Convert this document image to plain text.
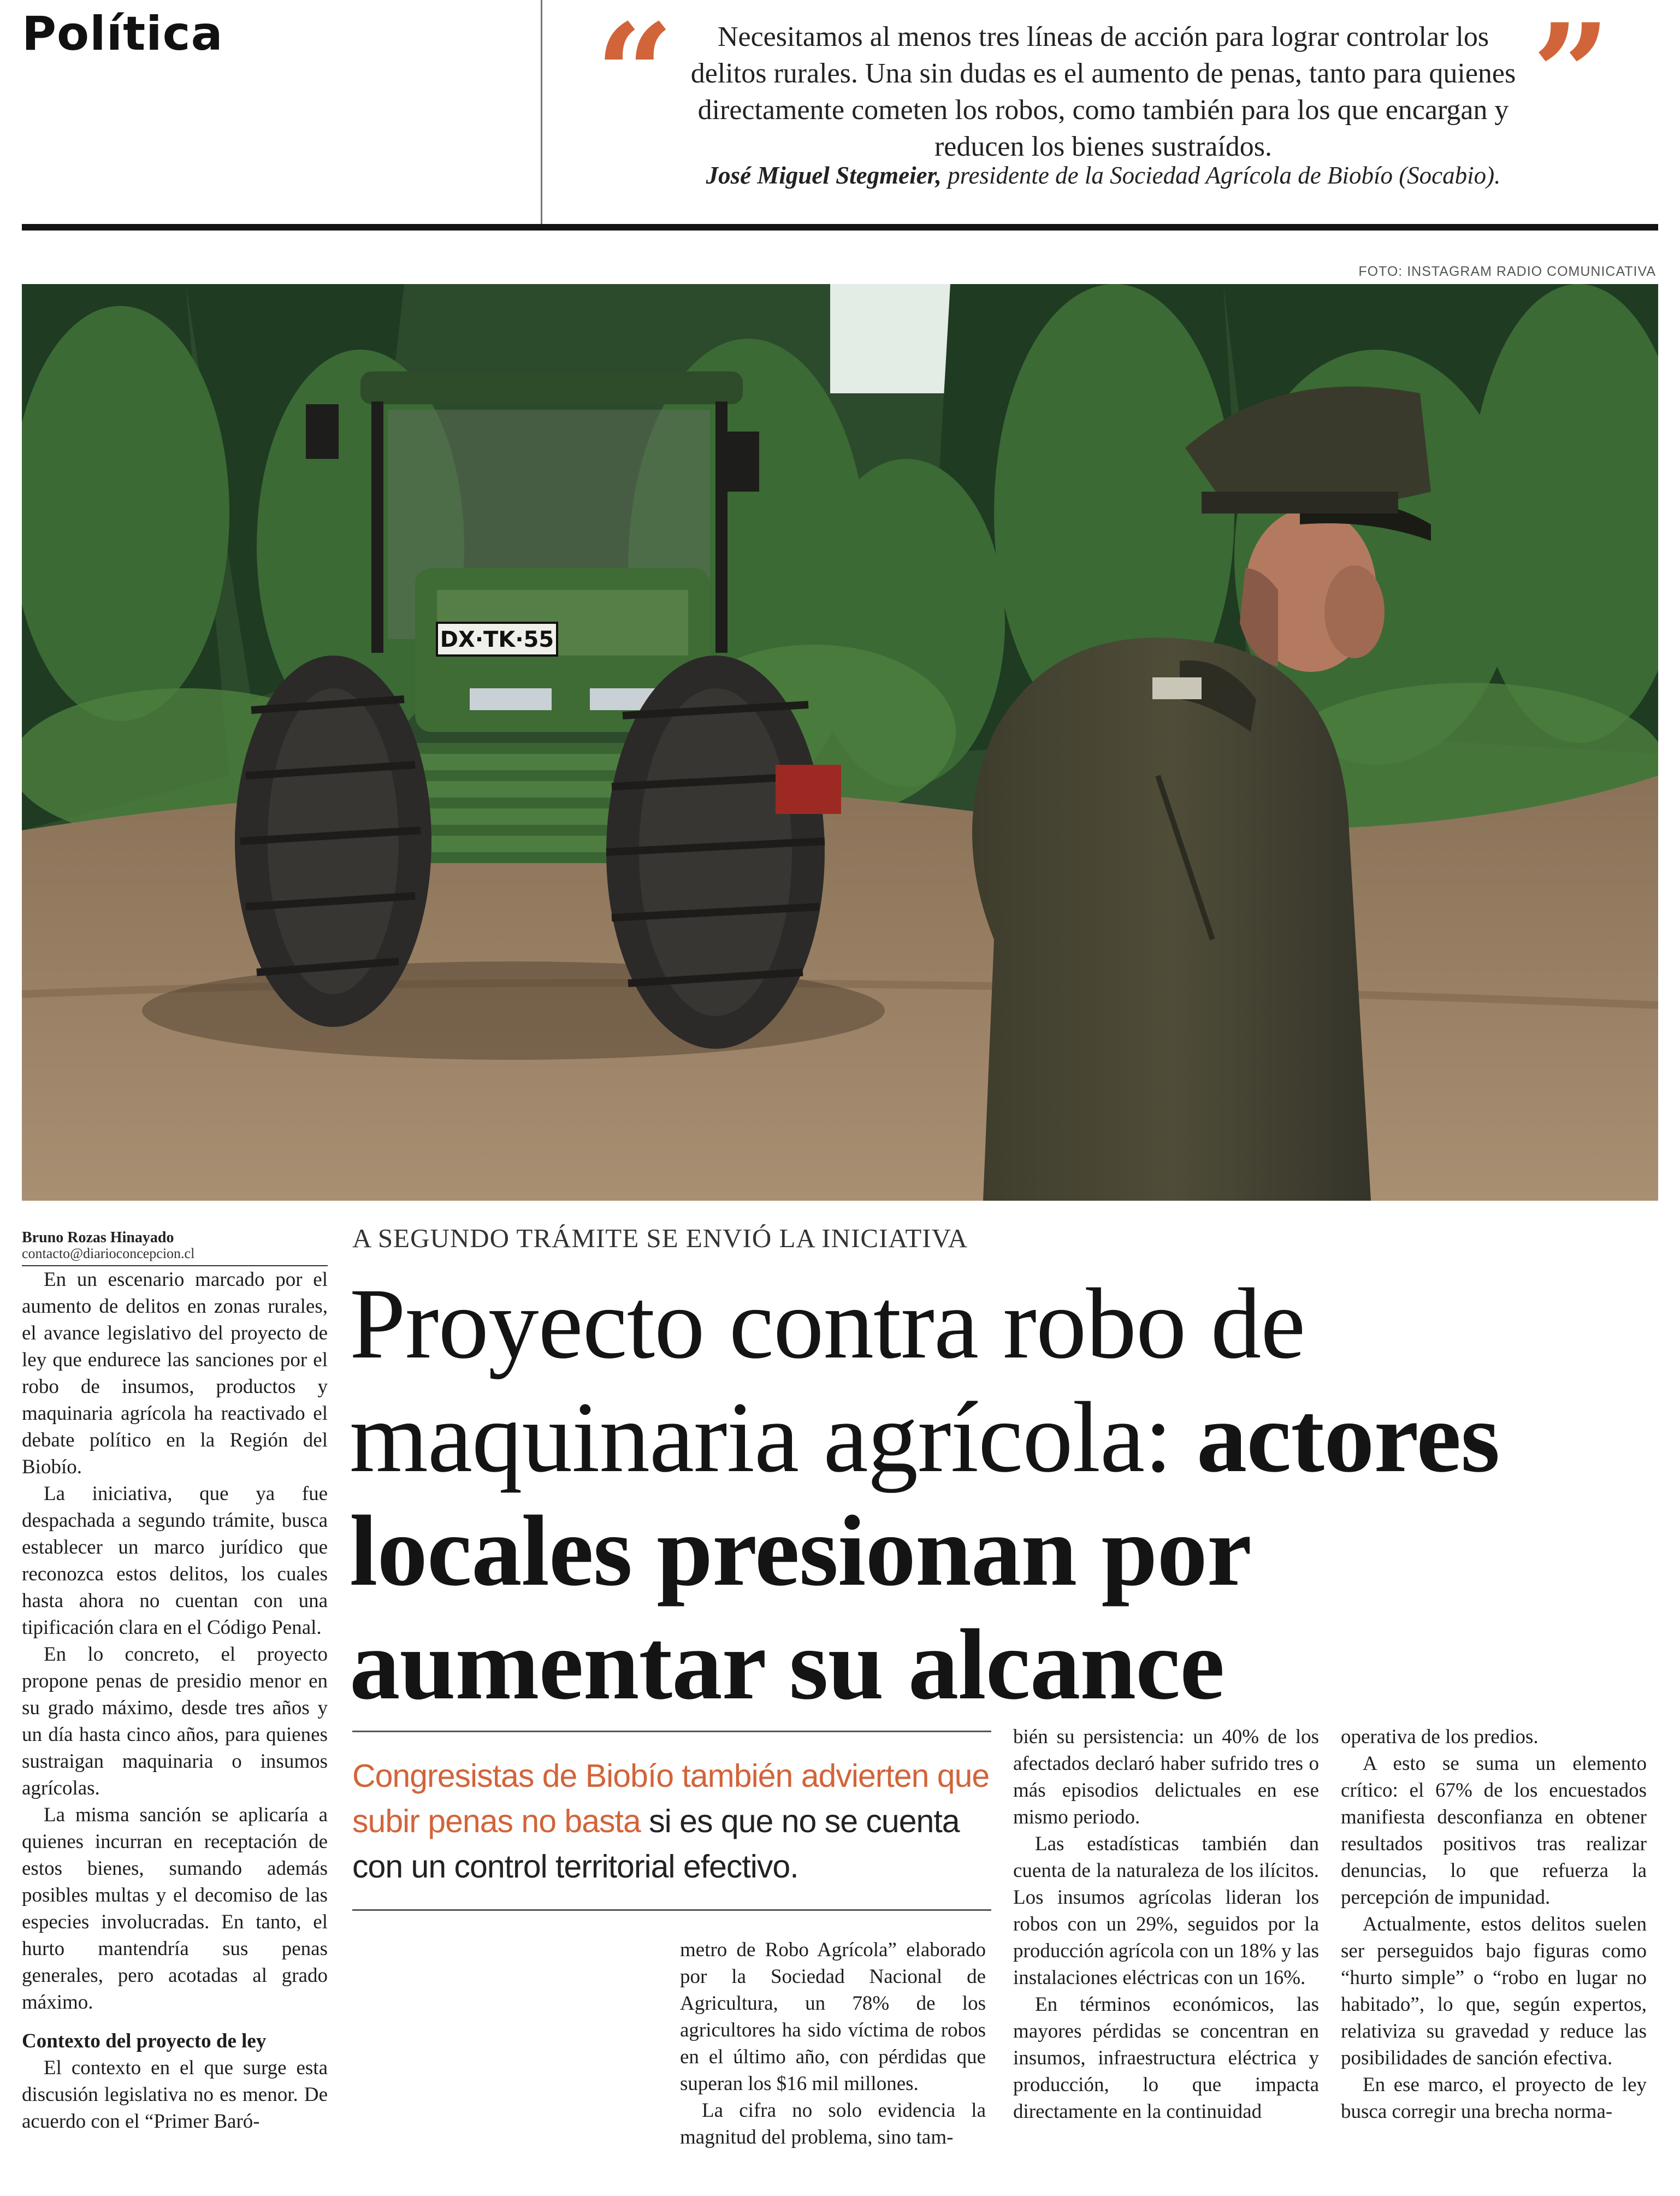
Política	“	Necesitamos al menos tres líneas de acción para lograr controlar los delitos rurales. Una sin dudas es el aumento de penas, tanto para quienes directamente cometen los robos, como también para los que encargan y reducen los bienes sustraídos.	”
José Miguel Stegmeier, presidente de la Sociedad Agrícola de Biobío (Socabio).
FOTO: INSTAGRAM RADIO COMUNICATIVA
DX·TK·55
Bruno Rozas Hinayado
contacto@diarioconcepcion.cl
A SEGUNDO TRÁMITE SE ENVIÓ LA INICIATIVA
Proyecto contra robo de maquinaria agrícola: actores locales presionan por aumentar su alcance
Congresistas de Biobío también advierten que subir penas no basta si es que no se cuenta con un control territorial efectivo.

En un escenario marcado por el aumento de delitos en zonas rurales, el avance legislativo del proyecto de ley que endurece las sanciones por el robo de insumos, productos y maquinaria agrícola ha reactivado el debate político en la Región del Biobío.

La iniciativa, que ya fue despachada a segundo trámite, busca establecer un marco jurídico que reconozca estos delitos, los cuales hasta ahora no cuentan con una tipificación clara en el Código Penal.

En lo concreto, el proyecto propone penas de presidio menor en su grado máximo, desde tres años y un día hasta cinco años, para quienes sustraigan maquinaria o insumos agrícolas.

La misma sanción se aplicaría a quienes incurran en receptación de estos bienes, sumando además posibles multas y el decomiso de las especies involucradas. En tanto, el hurto mantendría sus penas generales, pero acotadas al grado máximo.

Contexto del proyecto de ley

El contexto en el que surge esta discusión legislativa no es menor. De acuerdo con el “Primer Baró-

metro de Robo Agrícola” elaborado por la Sociedad Nacional de Agricultura, un 78% de los agricultores ha sido víctima de robos en el último año, con pérdidas que superan los $16 mil millones.

La cifra no solo evidencia la magnitud del problema, sino tam-

bién su persistencia: un 40% de los afectados declaró haber sufrido tres o más episodios delictuales en ese mismo periodo.

Las estadísticas también dan cuenta de la naturaleza de los ilícitos. Los insumos agrícolas lideran los robos con un 29%, seguidos por la producción agrícola con un 18% y las instalaciones eléctricas con un 16%.

En términos económicos, las mayores pérdidas se concentran en insumos, infraestructura eléctrica y producción, lo que impacta directamente en la continuidad

operativa de los predios.

A esto se suma un elemento crítico: el 67% de los encuestados manifiesta desconfianza en obtener resultados positivos tras realizar denuncias, lo que refuerza la percepción de impunidad.

Actualmente, estos delitos suelen ser perseguidos bajo figuras como “hurto simple” o “robo en lugar no habitado”, lo que, según expertos, relativiza su gravedad y reduce las posibilidades de sanción efectiva.

En ese marco, el proyecto de ley busca corregir una brecha norma-
